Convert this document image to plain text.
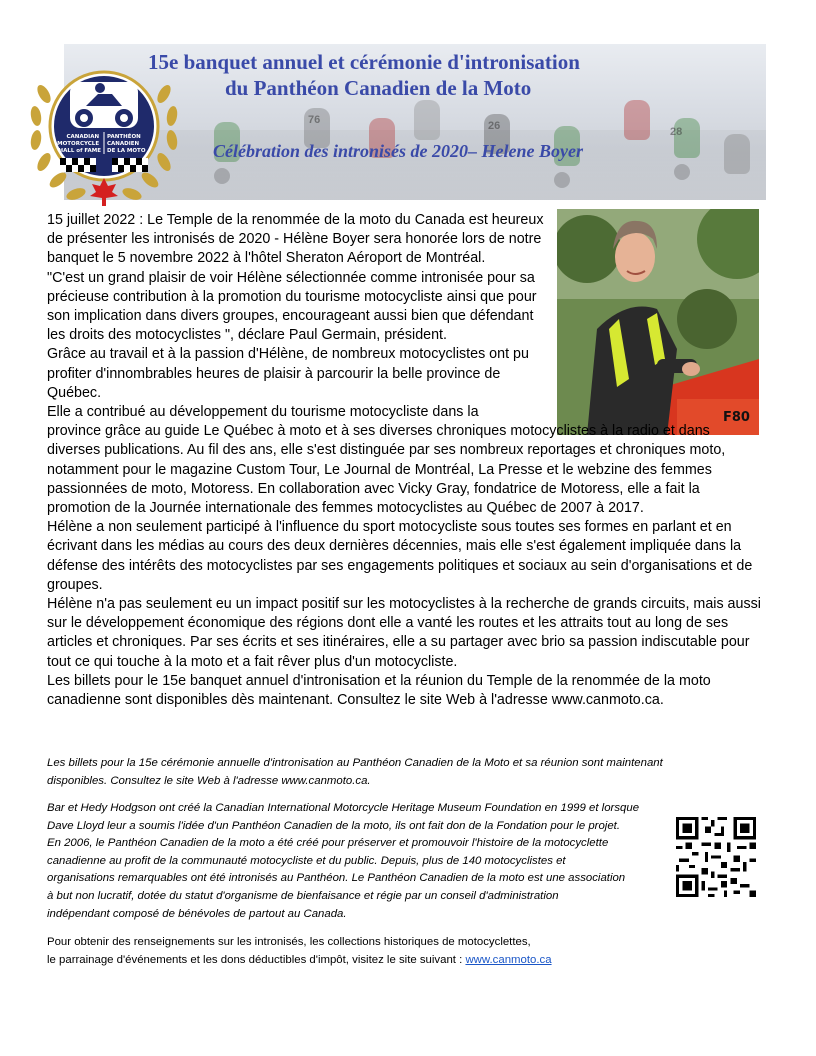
76	26	28
15e banquet annuel et cérémonie d'intronisation
du Panthéon Canadien de la Moto
Célébration des intronisés de 2020– Helene Boyer
CANADIAN MOTORCYCLE HALL of FAME
PANTHÉON CANADIEN DE LA MOTO
F80

15 juillet 2022 : Le Temple de la renommée de la moto du Canada est heureux de présenter les intronisés de 2020 - Hélène Boyer sera honorée lors de notre banquet le 5 novembre 2022 à l'hôtel Sheraton Aéroport de Montréal.

"C'est un grand plaisir de voir Hélène sélectionnée comme intronisée pour sa précieuse contribution à la promotion du tourisme motocycliste ainsi que pour son implication dans divers groupes, encourageant aussi bien que défendant les droits des motocyclistes ", déclare Paul Germain, président.

Grâce au travail et à la passion d'Hélène, de nombreux motocyclistes ont pu profiter d'innombrables heures de plaisir à parcourir la belle province de Québec.

Elle a contribué au développement du tourisme motocycliste dans la
province grâce au guide Le Québec à moto et à ses diverses chroniques motocyclistes à la radio et dans diverses publications. Au fil des ans, elle s'est distinguée par ses nombreux reportages et chroniques moto, notamment pour le magazine Custom Tour, Le Journal de Montréal, La Presse et le webzine des femmes passionnées de moto, Motoress. En collaboration avec Vicky Gray, fondatrice de Motoress, elle a fait la promotion de la Journée internationale des femmes motocyclistes au Québec de 2007 à 2017.

Hélène a non seulement participé à l'influence du sport motocycliste sous toutes ses formes en parlant et en écrivant dans les médias au cours des deux dernières décennies, mais elle s'est également impliquée dans la défense des intérêts des motocyclistes par ses engagements politiques et sociaux au sein d'organisations et de groupes.

Hélène n'a pas seulement eu un impact positif sur les motocyclistes à la recherche de grands circuits, mais aussi sur le développement économique des régions dont elle a vanté les routes et les attraits tout au long de ses articles et chroniques. Par ses écrits et ses itinéraires, elle a su partager avec brio sa passion indiscutable pour tout ce qui touche à la moto et a fait rêver plus d'un motocycliste.

Les billets pour le 15e banquet annuel d'intronisation et la réunion du Temple de la renommée de la moto canadienne sont disponibles dès maintenant. Consultez le site Web à l'adresse www.canmoto.ca.

Les billets pour la 15e cérémonie annuelle d'intronisation au Panthéon Canadien de la Moto et sa réunion sont maintenant
disponibles. Consultez le site Web à l'adresse www.canmoto.ca.
Bar et Hedy Hodgson ont créé la Canadian International Motorcycle Heritage Museum Foundation en 1999 et lorsque
Dave Lloyd leur a soumis l'idée d'un Panthéon Canadien de la moto, ils ont fait don de la Fondation pour le projet.
En 2006, le Panthéon Canadien de la moto a été créé pour préserver et promouvoir l'histoire de la motocyclette
canadienne au profit de la communauté motocycliste et du public. Depuis, plus de 140 motocyclistes et
organisations remarquables ont été intronisés au Panthéon. Le Panthéon Canadien de la moto est une association
à but non lucratif, dotée du statut d'organisme de bienfaisance et régie par un conseil d'administration
indépendant composé de bénévoles de partout au Canada.
Pour obtenir des renseignements sur les intronisés, les collections historiques de motocyclettes,
le parrainage d'événements et les dons déductibles d'impôt, visitez le site suivant : www.canmoto.ca
